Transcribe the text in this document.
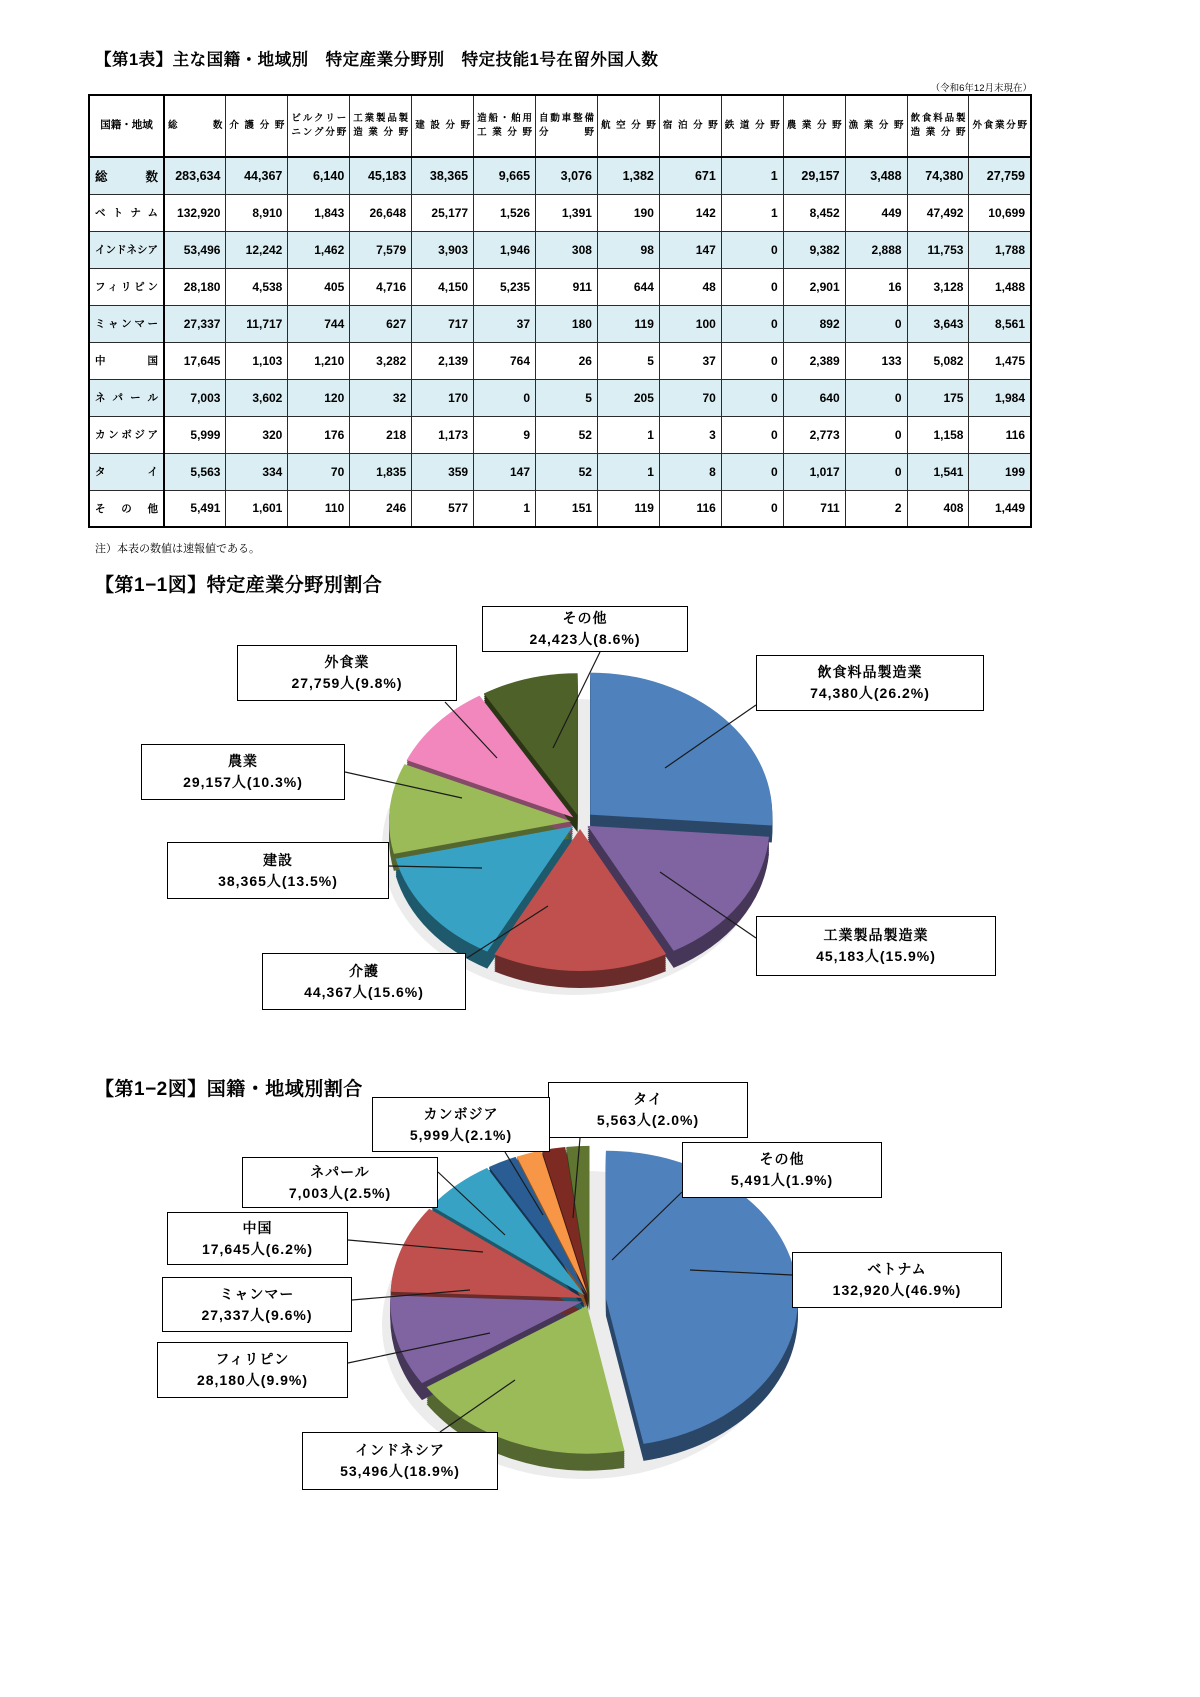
【第1表】主な国籍・地域別　特定産業分野別　特定技能1号在留外国人数
（令和6年12月末現在）
国籍・地域	総数	介護分野	ビルクリーニング分野	工業製品製造業分野	建設分野	造船・舶用工業分野	自動車整備分野	航空分野	宿泊分野	鉄道分野	農業分野	漁業分野	飲食料品製造業分野	外食業分野
総数	283,634	44,367	6,140	45,183	38,365	9,665	3,076	1,382	671	1	29,157	3,488	74,380	27,759
ベトナム	132,920	8,910	1,843	26,648	25,177	1,526	1,391	190	142	1	8,452	449	47,492	10,699
インドネシア	53,496	12,242	1,462	7,579	3,903	1,946	308	98	147	0	9,382	2,888	11,753	1,788
フィリピン	28,180	4,538	405	4,716	4,150	5,235	911	644	48	0	2,901	16	3,128	1,488
ミャンマー	27,337	11,717	744	627	717	37	180	119	100	0	892	0	3,643	8,561
中国	17,645	1,103	1,210	3,282	2,139	764	26	5	37	0	2,389	133	5,082	1,475
ネパール	7,003	3,602	120	32	170	0	5	205	70	0	640	0	175	1,984
カンボジア	5,999	320	176	218	1,173	9	52	1	3	0	2,773	0	1,158	116
タイ	5,563	334	70	1,835	359	147	52	1	8	0	1,017	0	1,541	199
その他	5,491	1,601	110	246	577	1	151	119	116	0	711	2	408	1,449
注）本表の数値は速報値である。
【第1−1図】特定産業分野別割合
その他
24,423人(8.6%)
飲食料品製造業
74,380人(26.2%)
外食業
27,759人(9.8%)
農業
29,157人(10.3%)
建設
38,365人(13.5%)
介護
44,367人(15.6%)
工業製品製造業
45,183人(15.9%)
【第1−2図】国籍・地域別割合	タイ
5,563人(2.0%)
カンボジア
5,999人(2.1%)
その他
5,491人(1.9%)
ネパール
7,003人(2.5%)
中国
17,645人(6.2%)
ミャンマー
27,337人(9.6%)
フィリピン
28,180人(9.9%)
インドネシア
53,496人(18.9%)
ベトナム
132,920人(46.9%)
